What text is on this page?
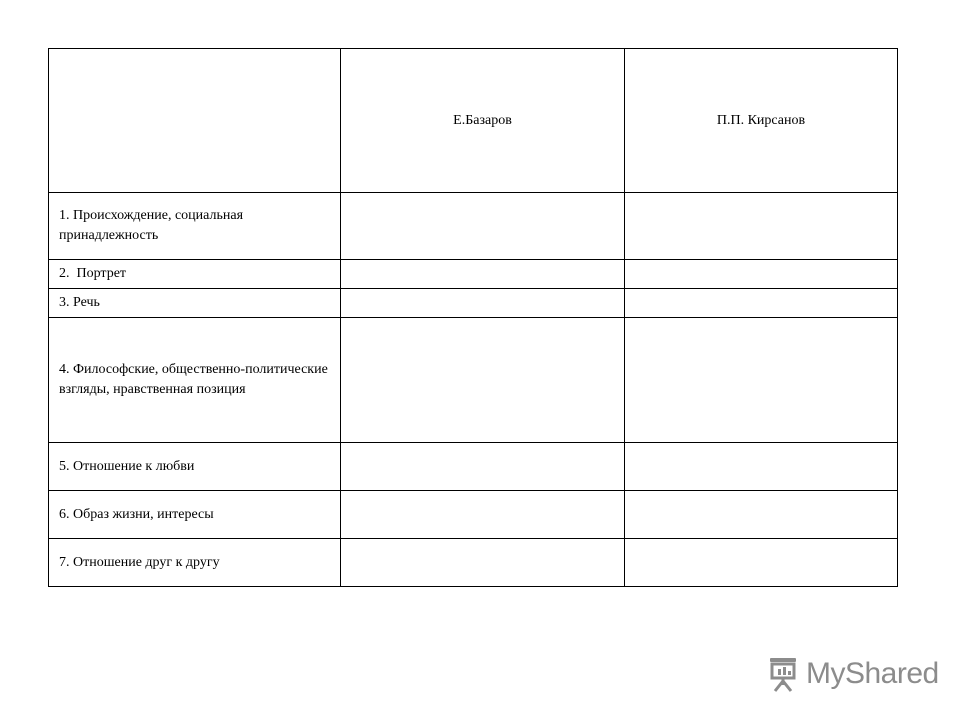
	Е.Базаров	П.П. Кирсанов
1. Происхождение, социальная принадлежность		
2.  Портрет		
3. Речь		
4. Философские, общественно-политические взгляды, нравственная позиция		
5. Отношение к любви		
6. Образ жизни, интересы		
7. Отношение друг к другу		
MyShared
